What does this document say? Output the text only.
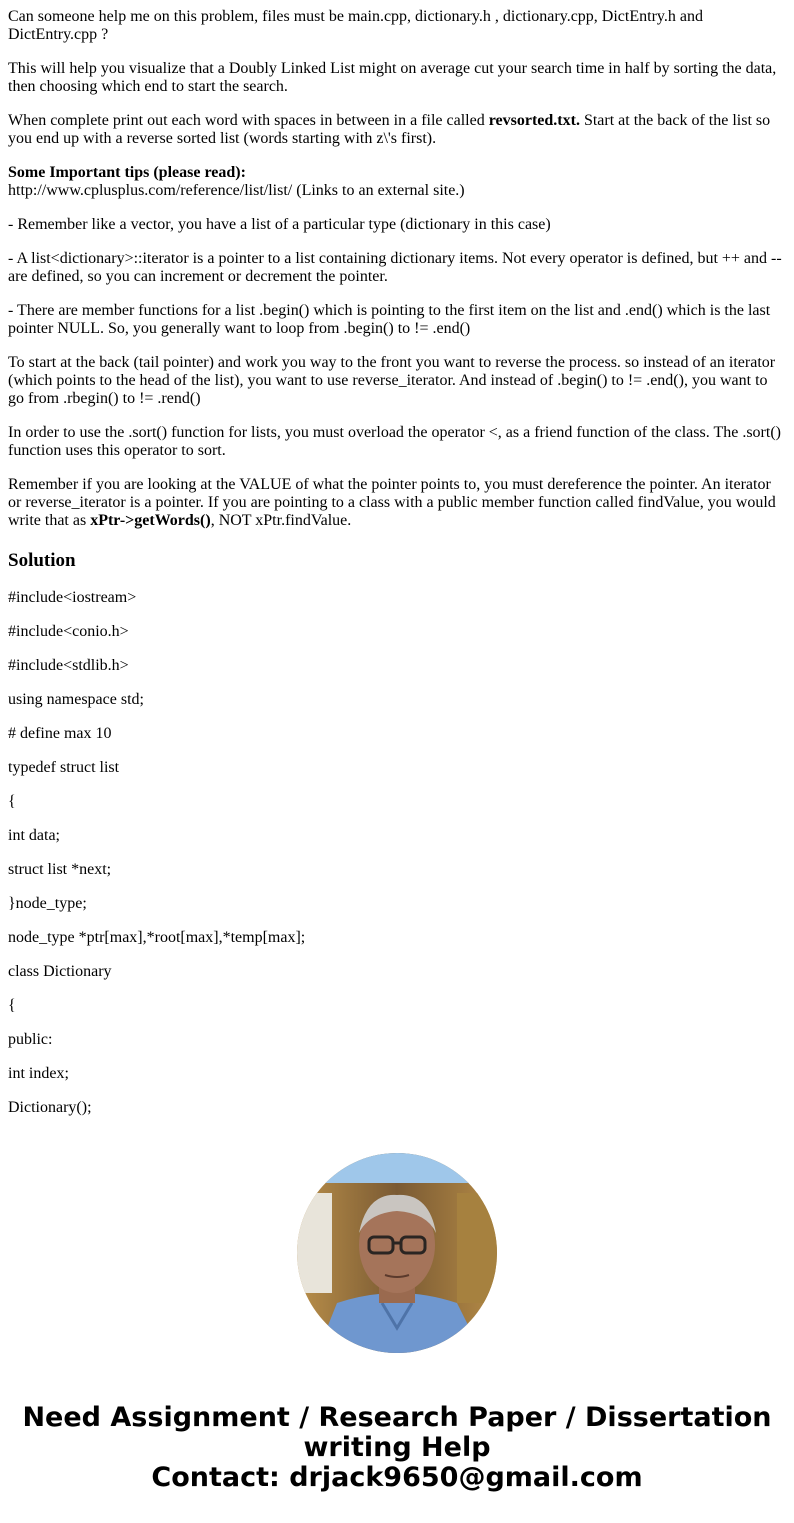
Can someone help me on this problem, files must be main.cpp, dictionary.h , dictionary.cpp, DictEntry.h and DictEntry.cpp ?

This will help you visualize that a Doubly Linked List might on average cut your search time in half by sorting the data, then choosing which end to start the search.

When complete print out each word with spaces in between in a file called revsorted.txt. Start at the back of the list so you end up with a reverse sorted list (words starting with z\'s first).

Some Important tips (please read):

http://www.cplusplus.com/reference/list/list/ (Links to an external site.)

- Remember like a vector, you have a list of a particular type (dictionary in this case)

- A list<dictionary>::iterator is a pointer to a list containing dictionary items. Not every operator is defined, but ++ and -- are defined, so you can increment or decrement the pointer.

- There are member functions for a list .begin() which is pointing to the first item on the list and .end() which is the last pointer NULL. So, you generally want to loop from .begin() to != .end()

To start at the back (tail pointer) and work you way to the front you want to reverse the process. so instead of an iterator (which points to the head of the list), you want to use reverse_iterator. And instead of .begin() to != .end(), you want to go from .rbegin() to != .rend()

In order to use the .sort() function for lists, you must overload the operator <, as a friend function of the class. The .sort() function uses this operator to sort.

Remember if you are looking at the VALUE of what the pointer points to, you must dereference the pointer. An iterator or reverse_iterator is a pointer. If you are pointing to a class with a public member function called findValue, you would write that as xPtr->getWords(), NOT xPtr.findValue.

Solution

#include<iostream>

#include<conio.h>

#include<stdlib.h>

using namespace std;

# define max 10

typedef struct list

{

int data;

struct list *next;

}node_type;

node_type *ptr[max],*root[max],*temp[max];

class Dictionary

{

public:

int index;

Dictionary();

Need Assignment / Research Paper / Dissertation
writing Help
Contact: drjack9650@gmail.com
